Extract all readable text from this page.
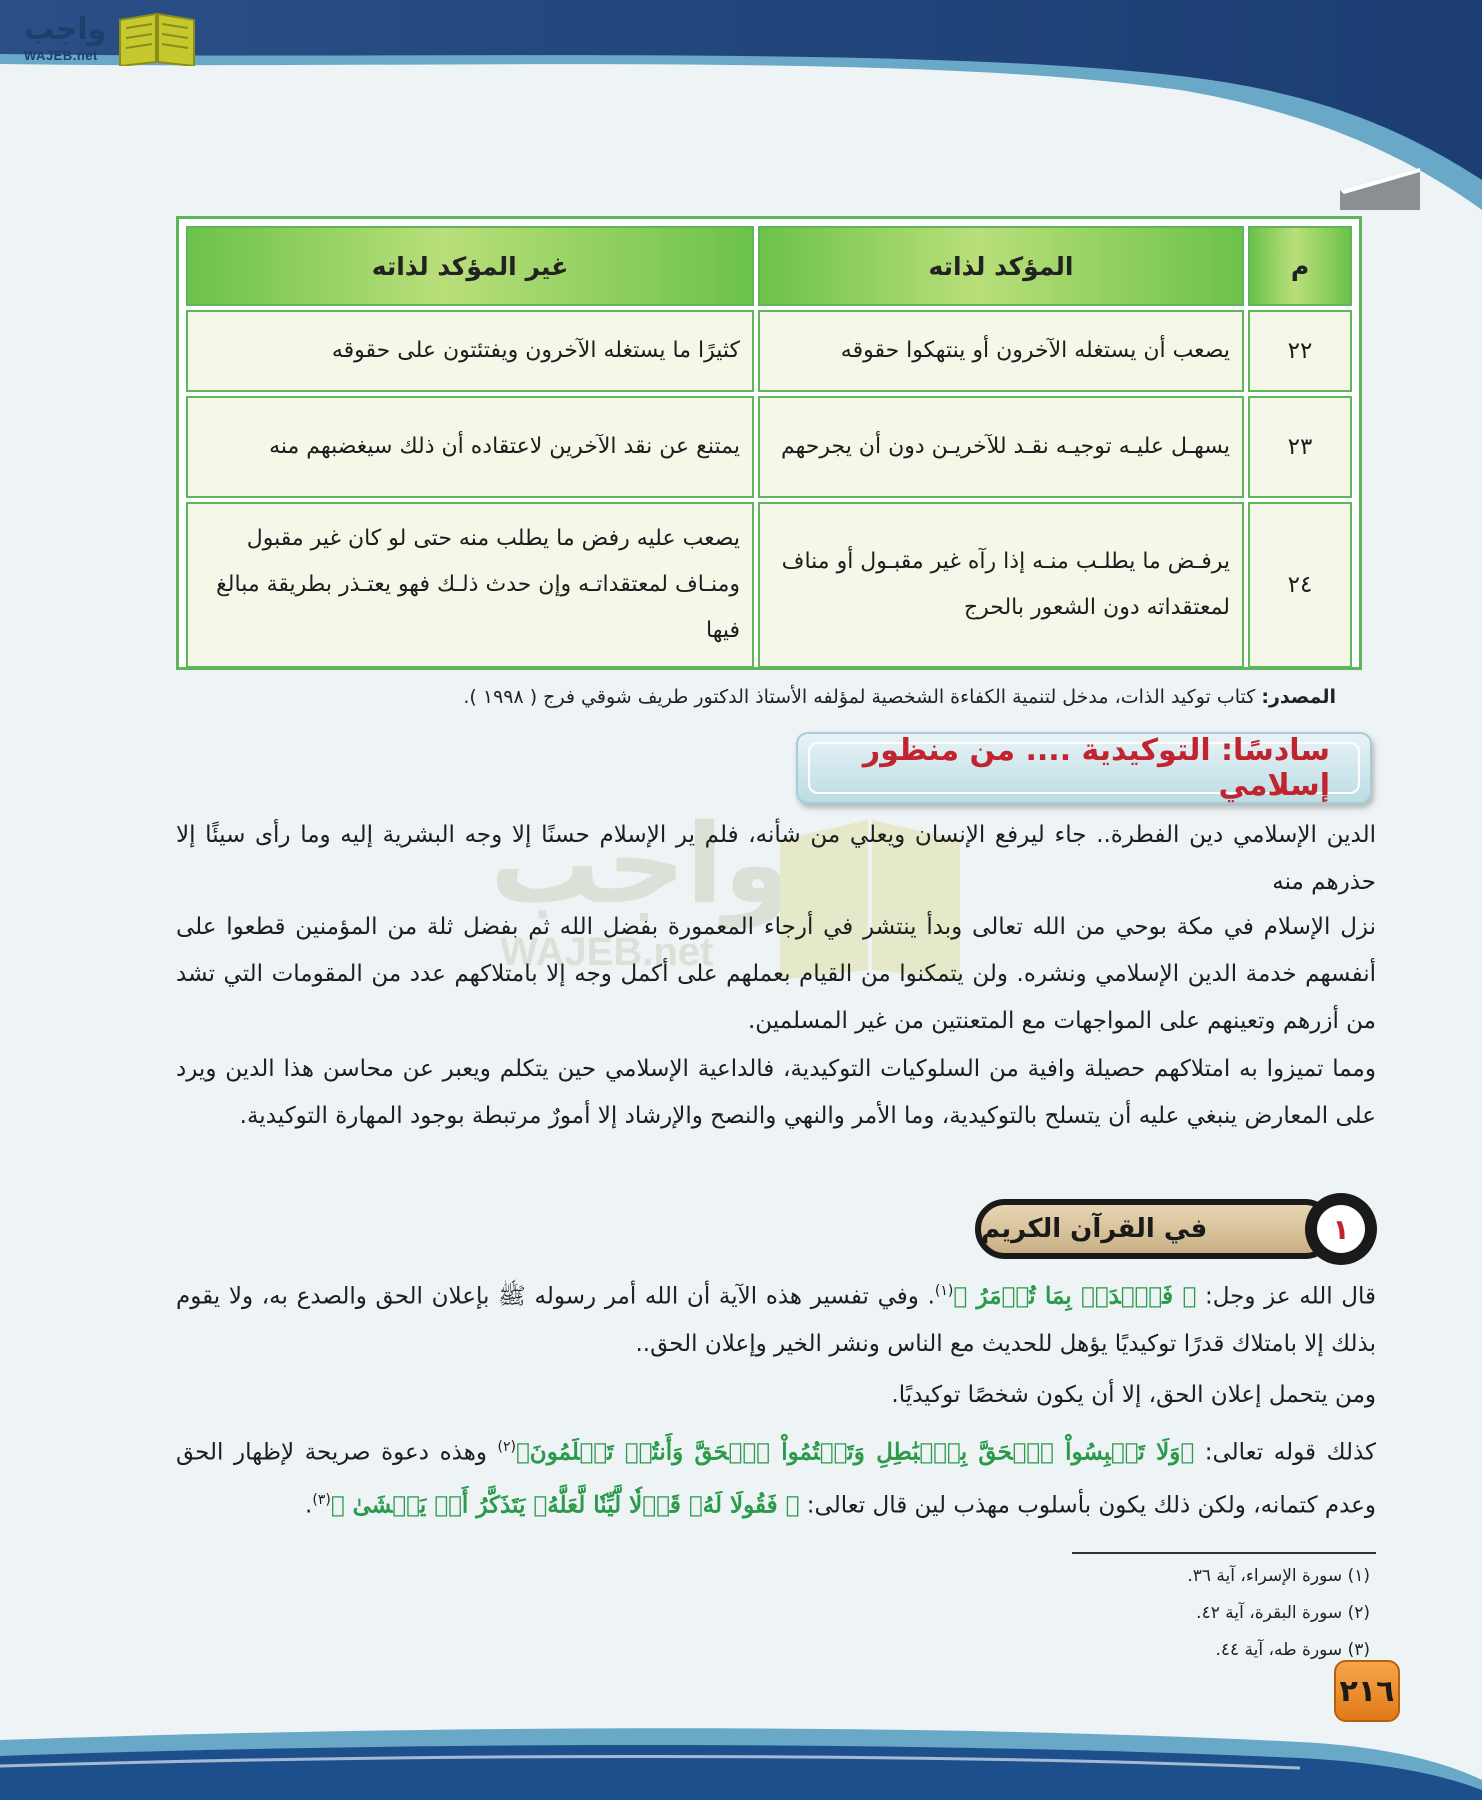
واجب
WAJEB.net
واجب
WAJEB.net
م	المؤكد لذاته	غير المؤكد لذاته
٢٢	يصعب أن يستغله الآخرون أو ينتهكوا حقوقه	كثيرًا ما يستغله الآخرون ويفتئتون على حقوقه
٢٣	يسهـل عليـه توجيـه نقـد للآخريـن دون أن يجرحهم	يمتنع عن نقد الآخرين لاعتقاده أن ذلك سيغضبهم منه
٢٤	يرفـض ما يطلـب منـه إذا رآه غير مقبـول أو مناف لمعتقداته دون الشعور بالحرج	يصعب عليه رفض ما يطلب منه حتى لو كان غير مقبول ومنـاف لمعتقداتـه وإن حدث ذلـك فهو يعتـذر بطريقة مبالغ فيها
المصدر: كتاب توكيد الذات، مدخل لتنمية الكفاءة الشخصية لمؤلفه الأستاذ الدكتور طريف شوقي فرج ( ١٩٩٨ ).
سادسًا: التوكيدية .... من منظور إسلامي

الدين الإسلامي دين الفطرة.. جاء ليرفع الإنسان ويعلي من شأنه، فلم ير الإسلام حسنًا إلا وجه البشرية إليه وما رأى سيئًا إلا حذرهم منه

نزل الإسلام في مكة بوحي من الله تعالى وبدأ ينتشر في أرجاء المعمورة بفضل الله ثم بفضل ثلة من المؤمنين قطعوا على أنفسهم خدمة الدين الإسلامي ونشره. ولن يتمكنوا من القيام بعملهم على أكمل وجه إلا بامتلاكهم عدد من المقومات التي تشد من أزرهم وتعينهم على المواجهات مع المتعنتين من غير المسلمين.

ومما تميزوا به امتلاكهم حصيلة وافية من السلوكيات التوكيدية، فالداعية الإسلامي حين يتكلم ويعبر عن محاسن هذا الدين ويرد على المعارض ينبغي عليه أن يتسلح بالتوكيدية، وما الأمر والنهي والنصح والإرشاد إلا أمورٌ مرتبطة بوجود المهارة التوكيدية.

في القرآن الكريم	١

قال الله عز وجل: ﴿ فَٱصۡدَعۡ بِمَا تُؤۡمَرُ ﴾$^{(١)}$. وفي تفسير هذه الآية أن الله أمر رسوله ﷺ بإعلان الحق والصدع به، ولا يقوم بذلك إلا بامتلاك قدرًا توكيديًا يؤهل للحديث مع الناس ونشر الخير وإعلان الحق..

ومن يتحمل إعلان الحق، إلا أن يكون شخصًا توكيديًا.

كذلك قوله تعالى: ﴿وَلَا تَلۡبِسُواْ ٱلۡحَقَّ بِٱلۡبَٰطِلِ وَتَكۡتُمُواْ ٱلۡحَقَّ وَأَنتُمۡ تَعۡلَمُونَ﴾$^{(٢)}$ وهذه دعوة صريحة لإظهار الحق وعدم كتمانه، ولكن ذلك يكون بأسلوب مهذب لين قال تعالى: ﴿ فَقُولَا لَهُۥ قَوۡلٗا لَّيِّنٗا لَّعَلَّهُۥ يَتَذَكَّرُ أَوۡ يَخۡشَىٰ ﴾$^{(٣)}$.

(١) سورة الإسراء، آية ٣٦.
(٢) سورة البقرة، آية ٤٢.
(٣) سورة طه، آية ٤٤.
٢١٦
